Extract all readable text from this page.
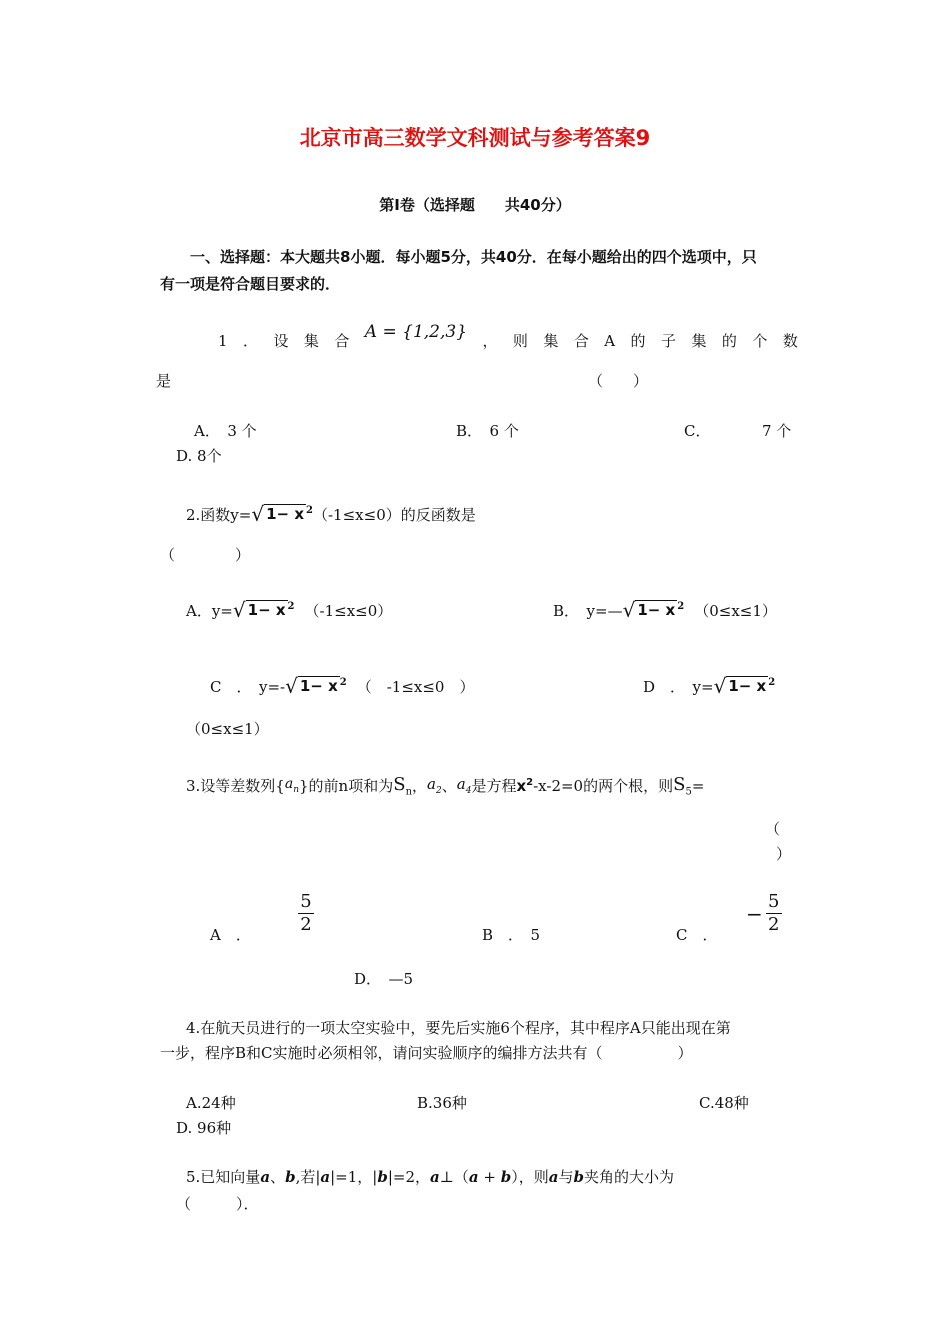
北京市高三数学文科测试与参考答案9
第Ⅰ卷（选择题　　共40分）
一、选择题：本大题共8小题．每小题5分，共40分．在每小题给出的四个选项中，只
有一项是符合题目要求的．
1 ． 设 集 合 A = {1,2,3} ， 则 集 合 A 的 子 集 的 个 数
是	（　　）
A．　3 个	B．　6 个	C．	7 个
D. 8个
2.函数y= √ 1− x $^2$ （-1≤x≤0）的反函数是
（　　　　）
A．y= √ 1− x $^2$ （-1≤x≤0）	B．　y=— √ 1− x $^2$ （0≤x≤1）
C　．　y=- √ 1− x $^2$ （　-1≤x≤0　）	D　．　y= √ 1− x $^2$
（0≤x≤1）
3.设等差数列{ $a_n$ }的前n项和为 $S_n$ ， $a_2$ 、 $a_4$ 是方程 $x^2$ -x-2=0的两个根，则 $S_5$ =
（
）
A　．
$\frac{5}{2}$
B　．　5	C　．
− $\frac{5}{2}$
D．　—5
4.在航天员进行的一项太空实验中，要先后实施6个程序，其中程序A只能出现在第
一步，程序B和C实施时必须相邻，请问实验顺序的编排方法共有（　　　　　）
A.24种	B.36种	C.48种
D. 96种
5.已知向量 a 、 b ,若| a |=1，| b |=2， a ⊥（ a + b ），则 a 与 b 夹角的大小为
（　　　）．
